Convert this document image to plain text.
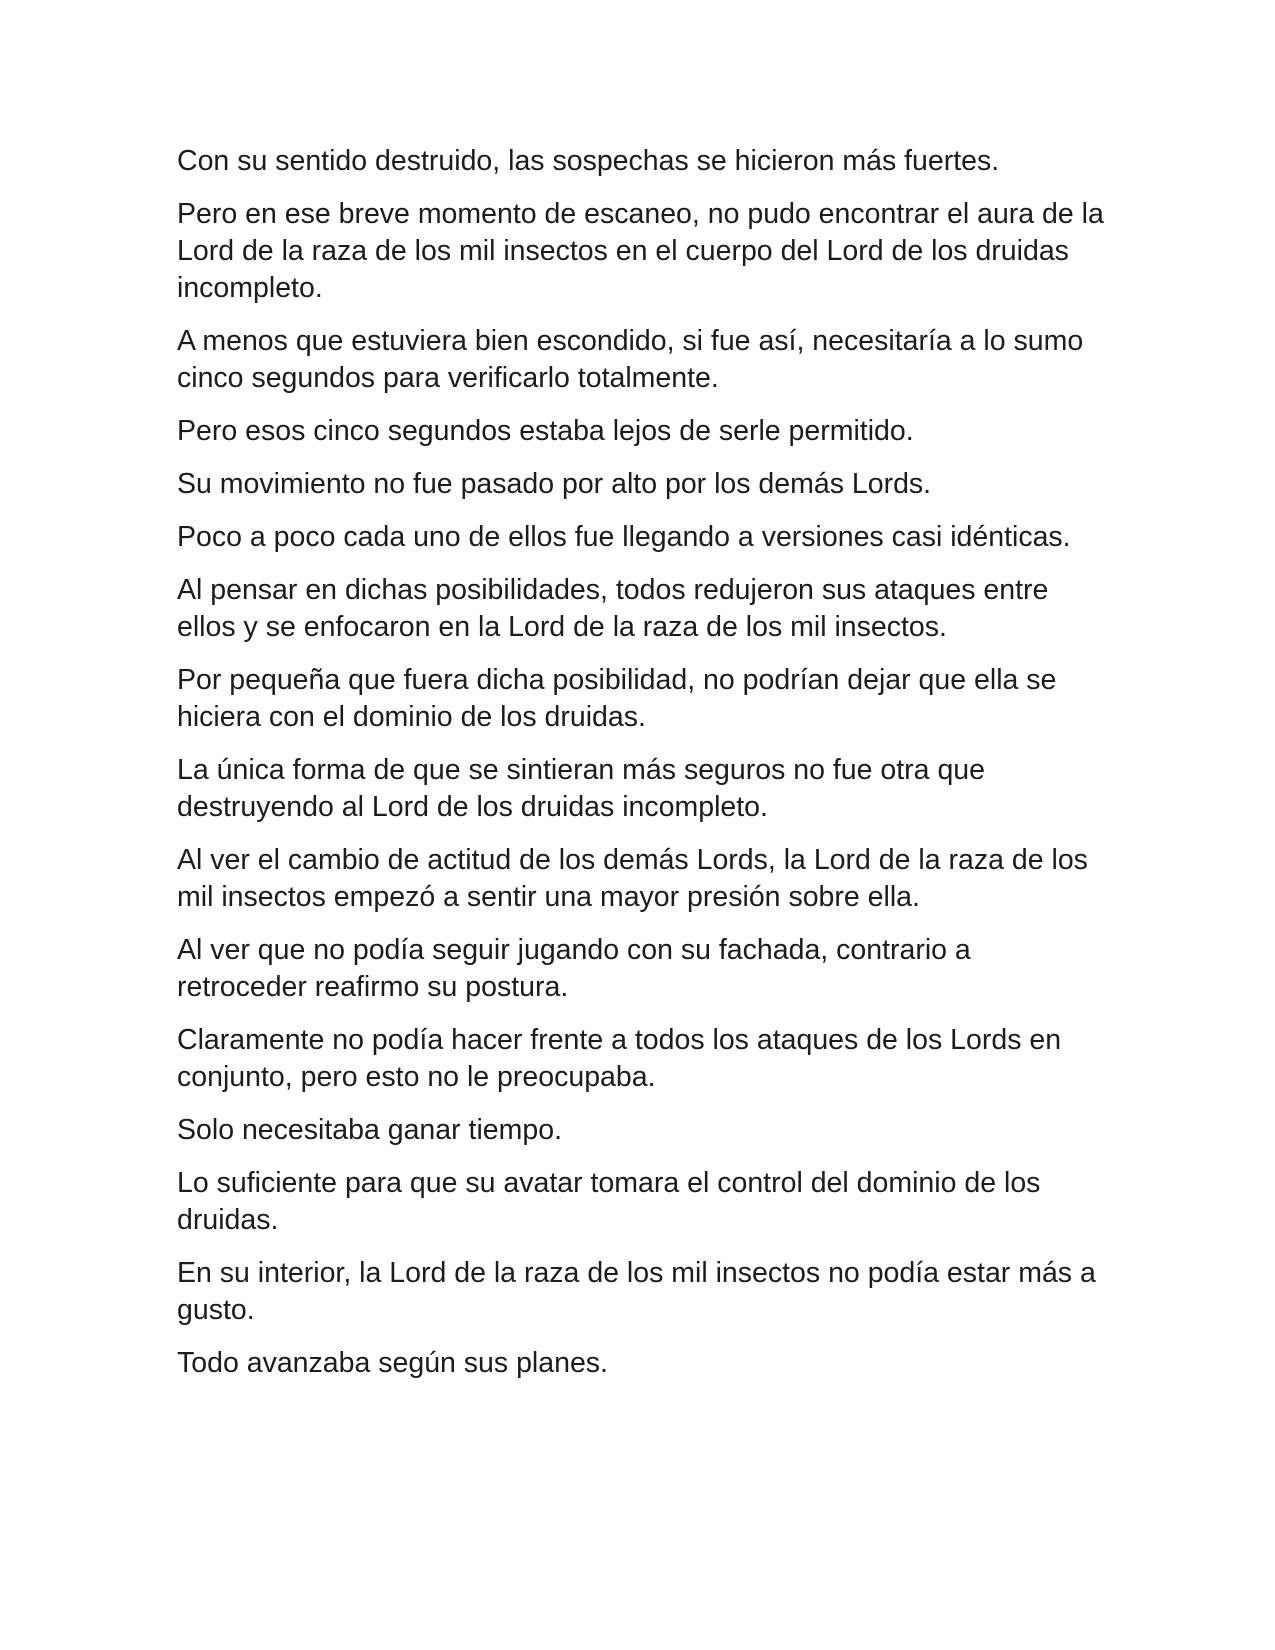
Con su sentido destruido, las sospechas se hicieron más fuertes.

Pero en ese breve momento de escaneo, no pudo encontrar el aura de la Lord de la raza de los mil insectos en el cuerpo del Lord de los druidas incompleto.

A menos que estuviera bien escondido, si fue así, necesitaría a lo sumo cinco segundos para verificarlo totalmente.

Pero esos cinco segundos estaba lejos de serle permitido.

Su movimiento no fue pasado por alto por los demás Lords.

Poco a poco cada uno de ellos fue llegando a versiones casi idénticas.

Al pensar en dichas posibilidades, todos redujeron sus ataques entre ellos y se enfocaron en la Lord de la raza de los mil insectos.

Por pequeña que fuera dicha posibilidad, no podrían dejar que ella se hiciera con el dominio de los druidas.

La única forma de que se sintieran más seguros no fue otra que destruyendo al Lord de los druidas incompleto.

Al ver el cambio de actitud de los demás Lords, la Lord de la raza de los mil insectos empezó a sentir una mayor presión sobre ella.

Al ver que no podía seguir jugando con su fachada, contrario a retroceder reafirmo su postura.

Claramente no podía hacer frente a todos los ataques de los Lords en conjunto, pero esto no le preocupaba.

Solo necesitaba ganar tiempo.

Lo suficiente para que su avatar tomara el control del dominio de los druidas.

En su interior, la Lord de la raza de los mil insectos no podía estar más a gusto.

Todo avanzaba según sus planes.
